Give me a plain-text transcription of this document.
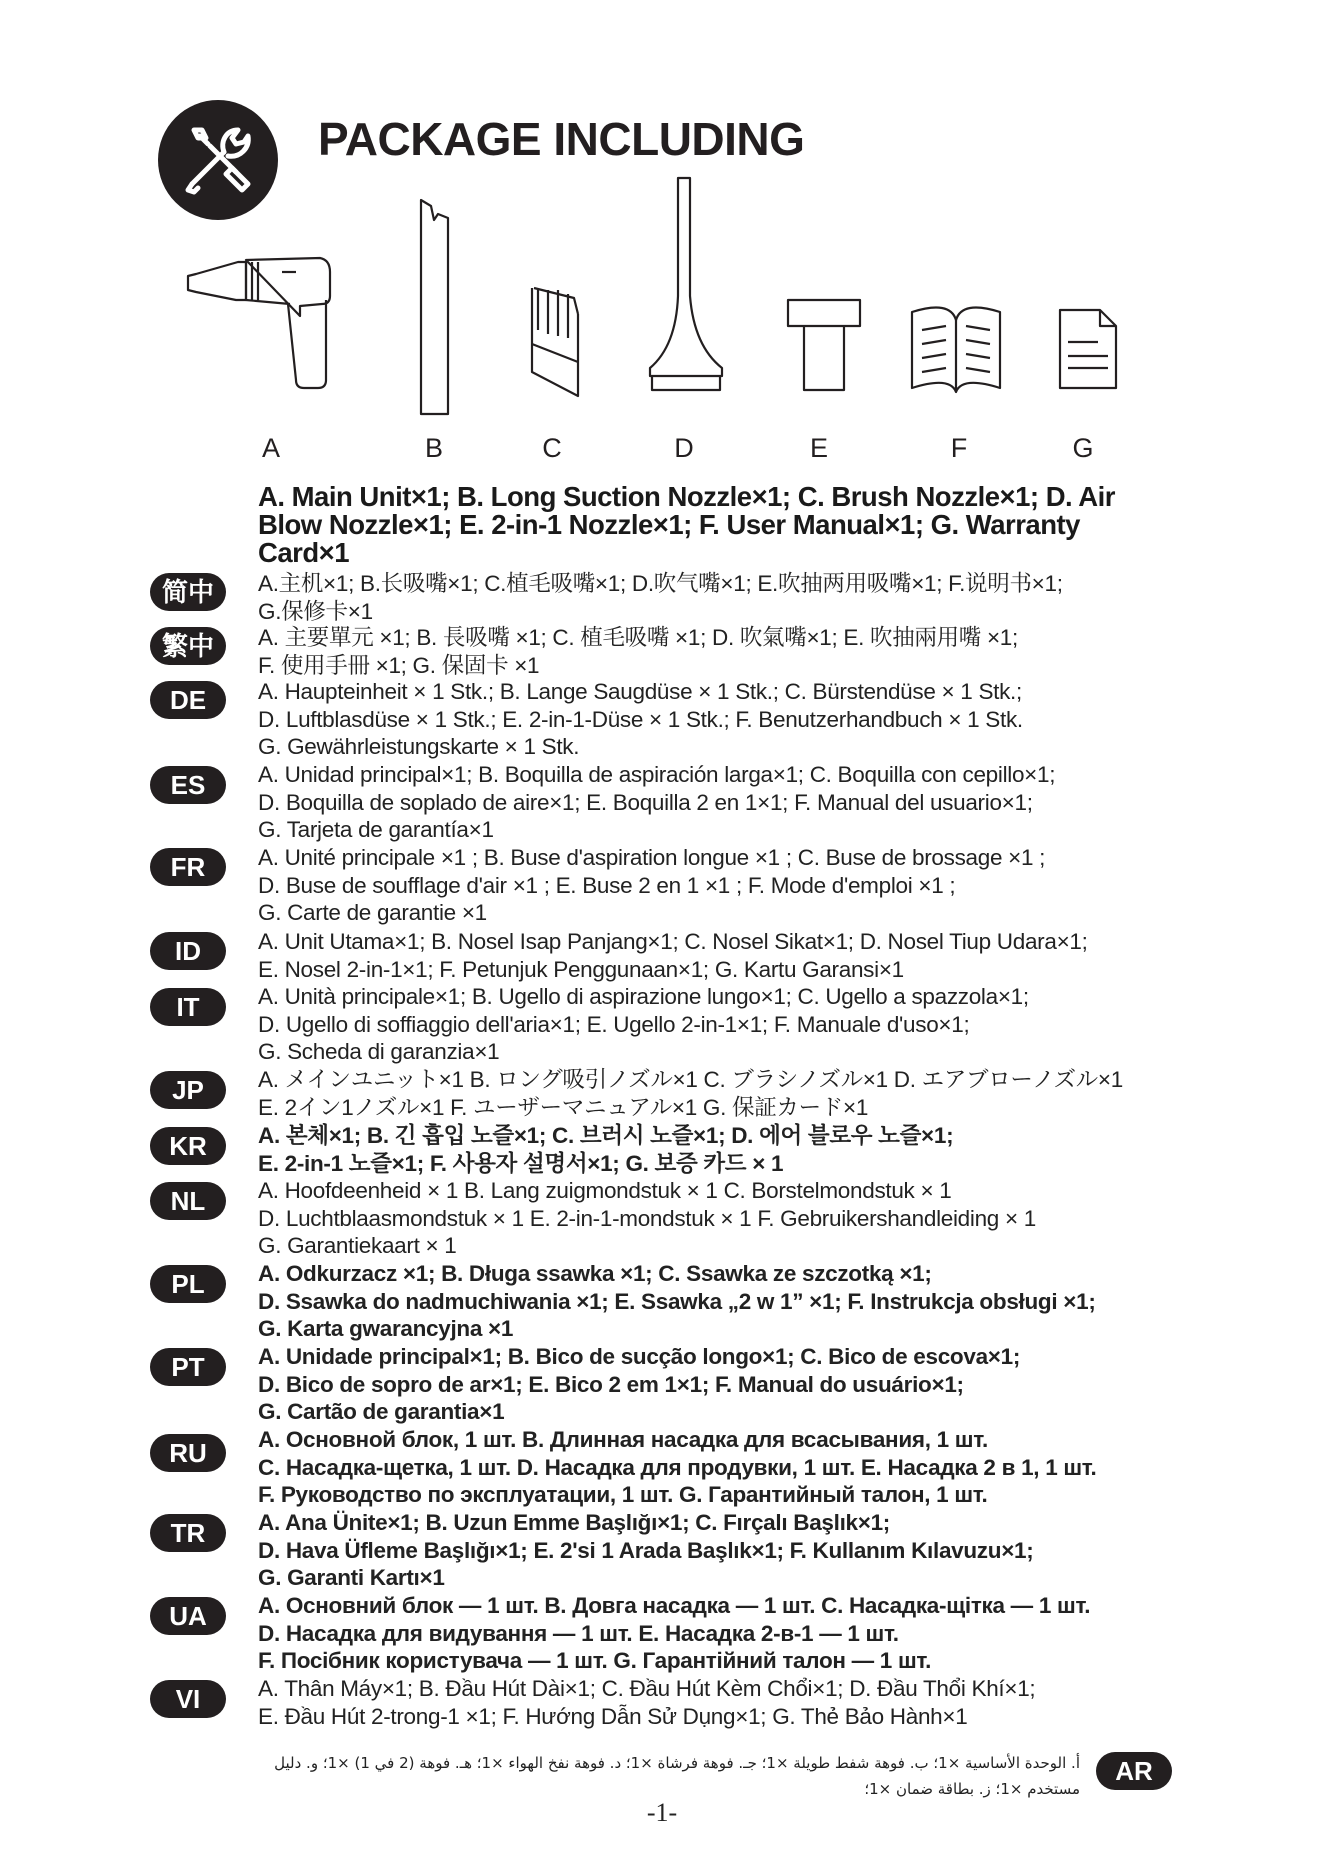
PACKAGE INCLUDING
A	B	C	D	E	F	G
A. Main Unit×1; B. Long Suction Nozzle×1; C. Brush Nozzle×1; D. Air Blow Nozzle×1; E. 2-in-1 Nozzle×1; F. User Manual×1; G. Warranty Card×1
简中	A.主机×1; B.长吸嘴×1; C.植毛吸嘴×1; D.吹气嘴×1; E.吹抽两用吸嘴×1; F.说明书×1;
G.保修卡×1
繁中	A. 主要單元 ×1; B. 長吸嘴 ×1; C. 植毛吸嘴 ×1; D. 吹氣嘴×1; E. 吹抽兩用嘴 ×1;
F. 使用手冊 ×1; G. 保固卡 ×1
DE	A. Haupteinheit × 1 Stk.; B. Lange Saugdüse × 1 Stk.; C. Bürstendüse × 1 Stk.;
D. Luftblasdüse × 1 Stk.; E. 2-in-1-Düse × 1 Stk.; F. Benutzerhandbuch × 1 Stk.
G. Gewährleistungskarte × 1 Stk.
ES	A. Unidad principal×1; B. Boquilla de aspiración larga×1; C. Boquilla con cepillo×1;
D. Boquilla de soplado de aire×1; E. Boquilla 2 en 1×1; F. Manual del usuario×1;
G. Tarjeta de garantía×1
FR	A. Unité principale ×1 ; B. Buse d'aspiration longue ×1 ; C. Buse de brossage ×1 ;
D. Buse de soufflage d'air ×1 ; E. Buse 2 en 1 ×1 ; F. Mode d'emploi ×1 ;
G. Carte de garantie ×1
ID	A. Unit Utama×1; B. Nosel Isap Panjang×1; C. Nosel Sikat×1; D. Nosel Tiup Udara×1;
E. Nosel 2-in-1×1; F. Petunjuk Penggunaan×1; G. Kartu Garansi×1
IT	A. Unità principale×1; B. Ugello di aspirazione lungo×1; C. Ugello a spazzola×1;
D. Ugello di soffiaggio dell'aria×1; E. Ugello 2-in-1×1; F. Manuale d'uso×1;
G. Scheda di garanzia×1
JP	A. メインユニット×1 B. ロング吸引ノズル×1 C. ブラシノズル×1 D. エアブローノズル×1
E. 2イン1ノズル×1 F. ユーザーマニュアル×1 G. 保証カード×1
KR	A. 본체×1; B. 긴 흡입 노즐×1; C. 브러시 노즐×1; D. 에어 블로우 노즐×1;
E. 2-in-1 노즐×1; F. 사용자 설명서×1; G. 보증 카드 × 1
NL	A. Hoofdeenheid × 1 B. Lang zuigmondstuk × 1 C. Borstelmondstuk × 1
D. Luchtblaasmondstuk × 1 E. 2-in-1-mondstuk × 1 F. Gebruikershandleiding × 1
G. Garantiekaart × 1
PL	A. Odkurzacz ×1; B. Długa ssawka ×1; C. Ssawka ze szczotką ×1;
D. Ssawka do nadmuchiwania ×1; E. Ssawka „2 w 1” ×1; F. Instrukcja obsługi ×1;
G. Karta gwarancyjna ×1
PT	A. Unidade principal×1; B. Bico de sucção longo×1; C. Bico de escova×1;
D. Bico de sopro de ar×1; E. Bico 2 em 1×1; F. Manual do usuário×1;
G. Cartão de garantia×1
RU	A. Основной блок, 1 шт. B. Длинная насадка для всасывания, 1 шт.
C. Насадка-щетка, 1 шт. D. Насадка для продувки, 1 шт. E. Насадка 2 в 1, 1 шт.
F. Руководство по эксплуатации, 1 шт. G. Гарантийный талон, 1 шт.
TR	A. Ana Ünite×1; B. Uzun Emme Başlığı×1; C. Fırçalı Başlık×1;
D. Hava Üfleme Başlığı×1; E. 2'si 1 Arada Başlık×1; F. Kullanım Kılavuzu×1;
G. Garanti Kartı×1
UA	A. Основний блок — 1 шт. B. Довга насадка — 1 шт. C. Насадка-щітка — 1 шт.
D. Насадка для видування — 1 шт. E. Насадка 2-в-1 — 1 шт.
F. Посібник користувача — 1 шт. G. Гарантійний талон — 1 шт.
VI	A. Thân Máy×1; B. Đầu Hút Dài×1; C. Đầu Hút Kèm Chổi×1; D. Đầu Thổi Khí×1;
E. Đầu Hút 2-trong-1 ×1; F. Hướng Dẫn Sử Dụng×1; G. Thẻ Bảo Hành×1
أ. الوحدة الأساسية ×1؛ ب. فوهة شفط طويلة ×1؛ جـ. فوهة فرشاة ×1؛ د. فوهة نفخ الهواء ×1؛ هـ. فوهة (2 في 1) ×1؛ و. دليل مستخدم ×1؛ ز. بطاقة ضمان ×1؛
AR
-1-
